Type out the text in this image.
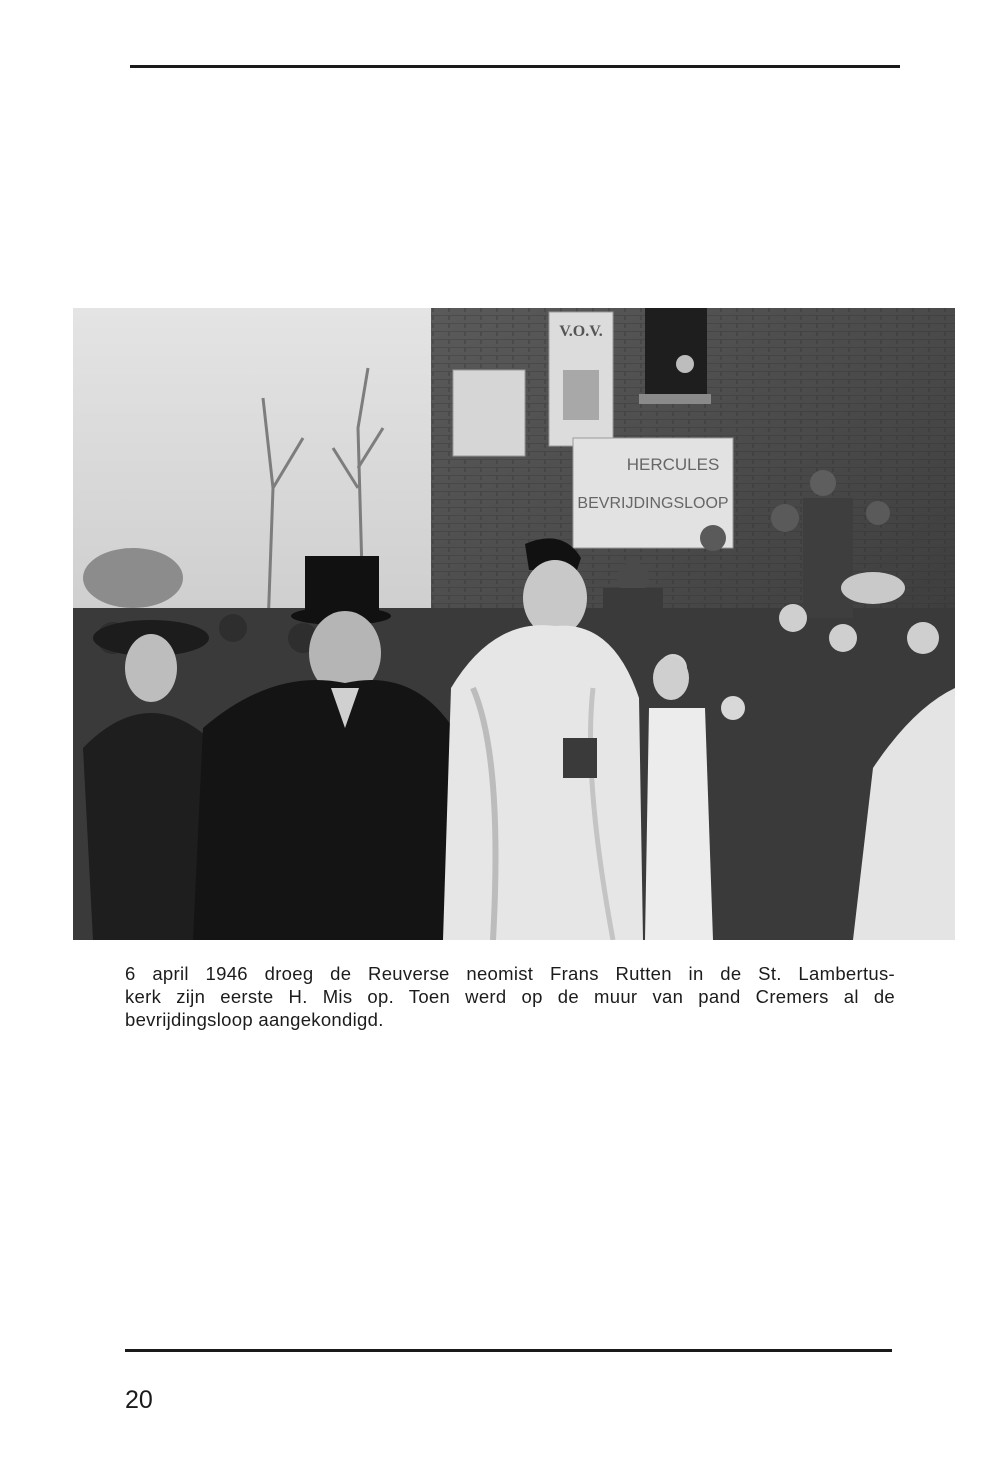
V.O.V.
HERCULES
BEVRIJDINGSLOOP
6 april 1946 droeg de Reuverse neomist Frans Rutten in de St. Lambertus-
kerk zijn eerste H. Mis op. Toen werd op de muur van pand Cremers al de
bevrijdingsloop aangekondigd.
20
